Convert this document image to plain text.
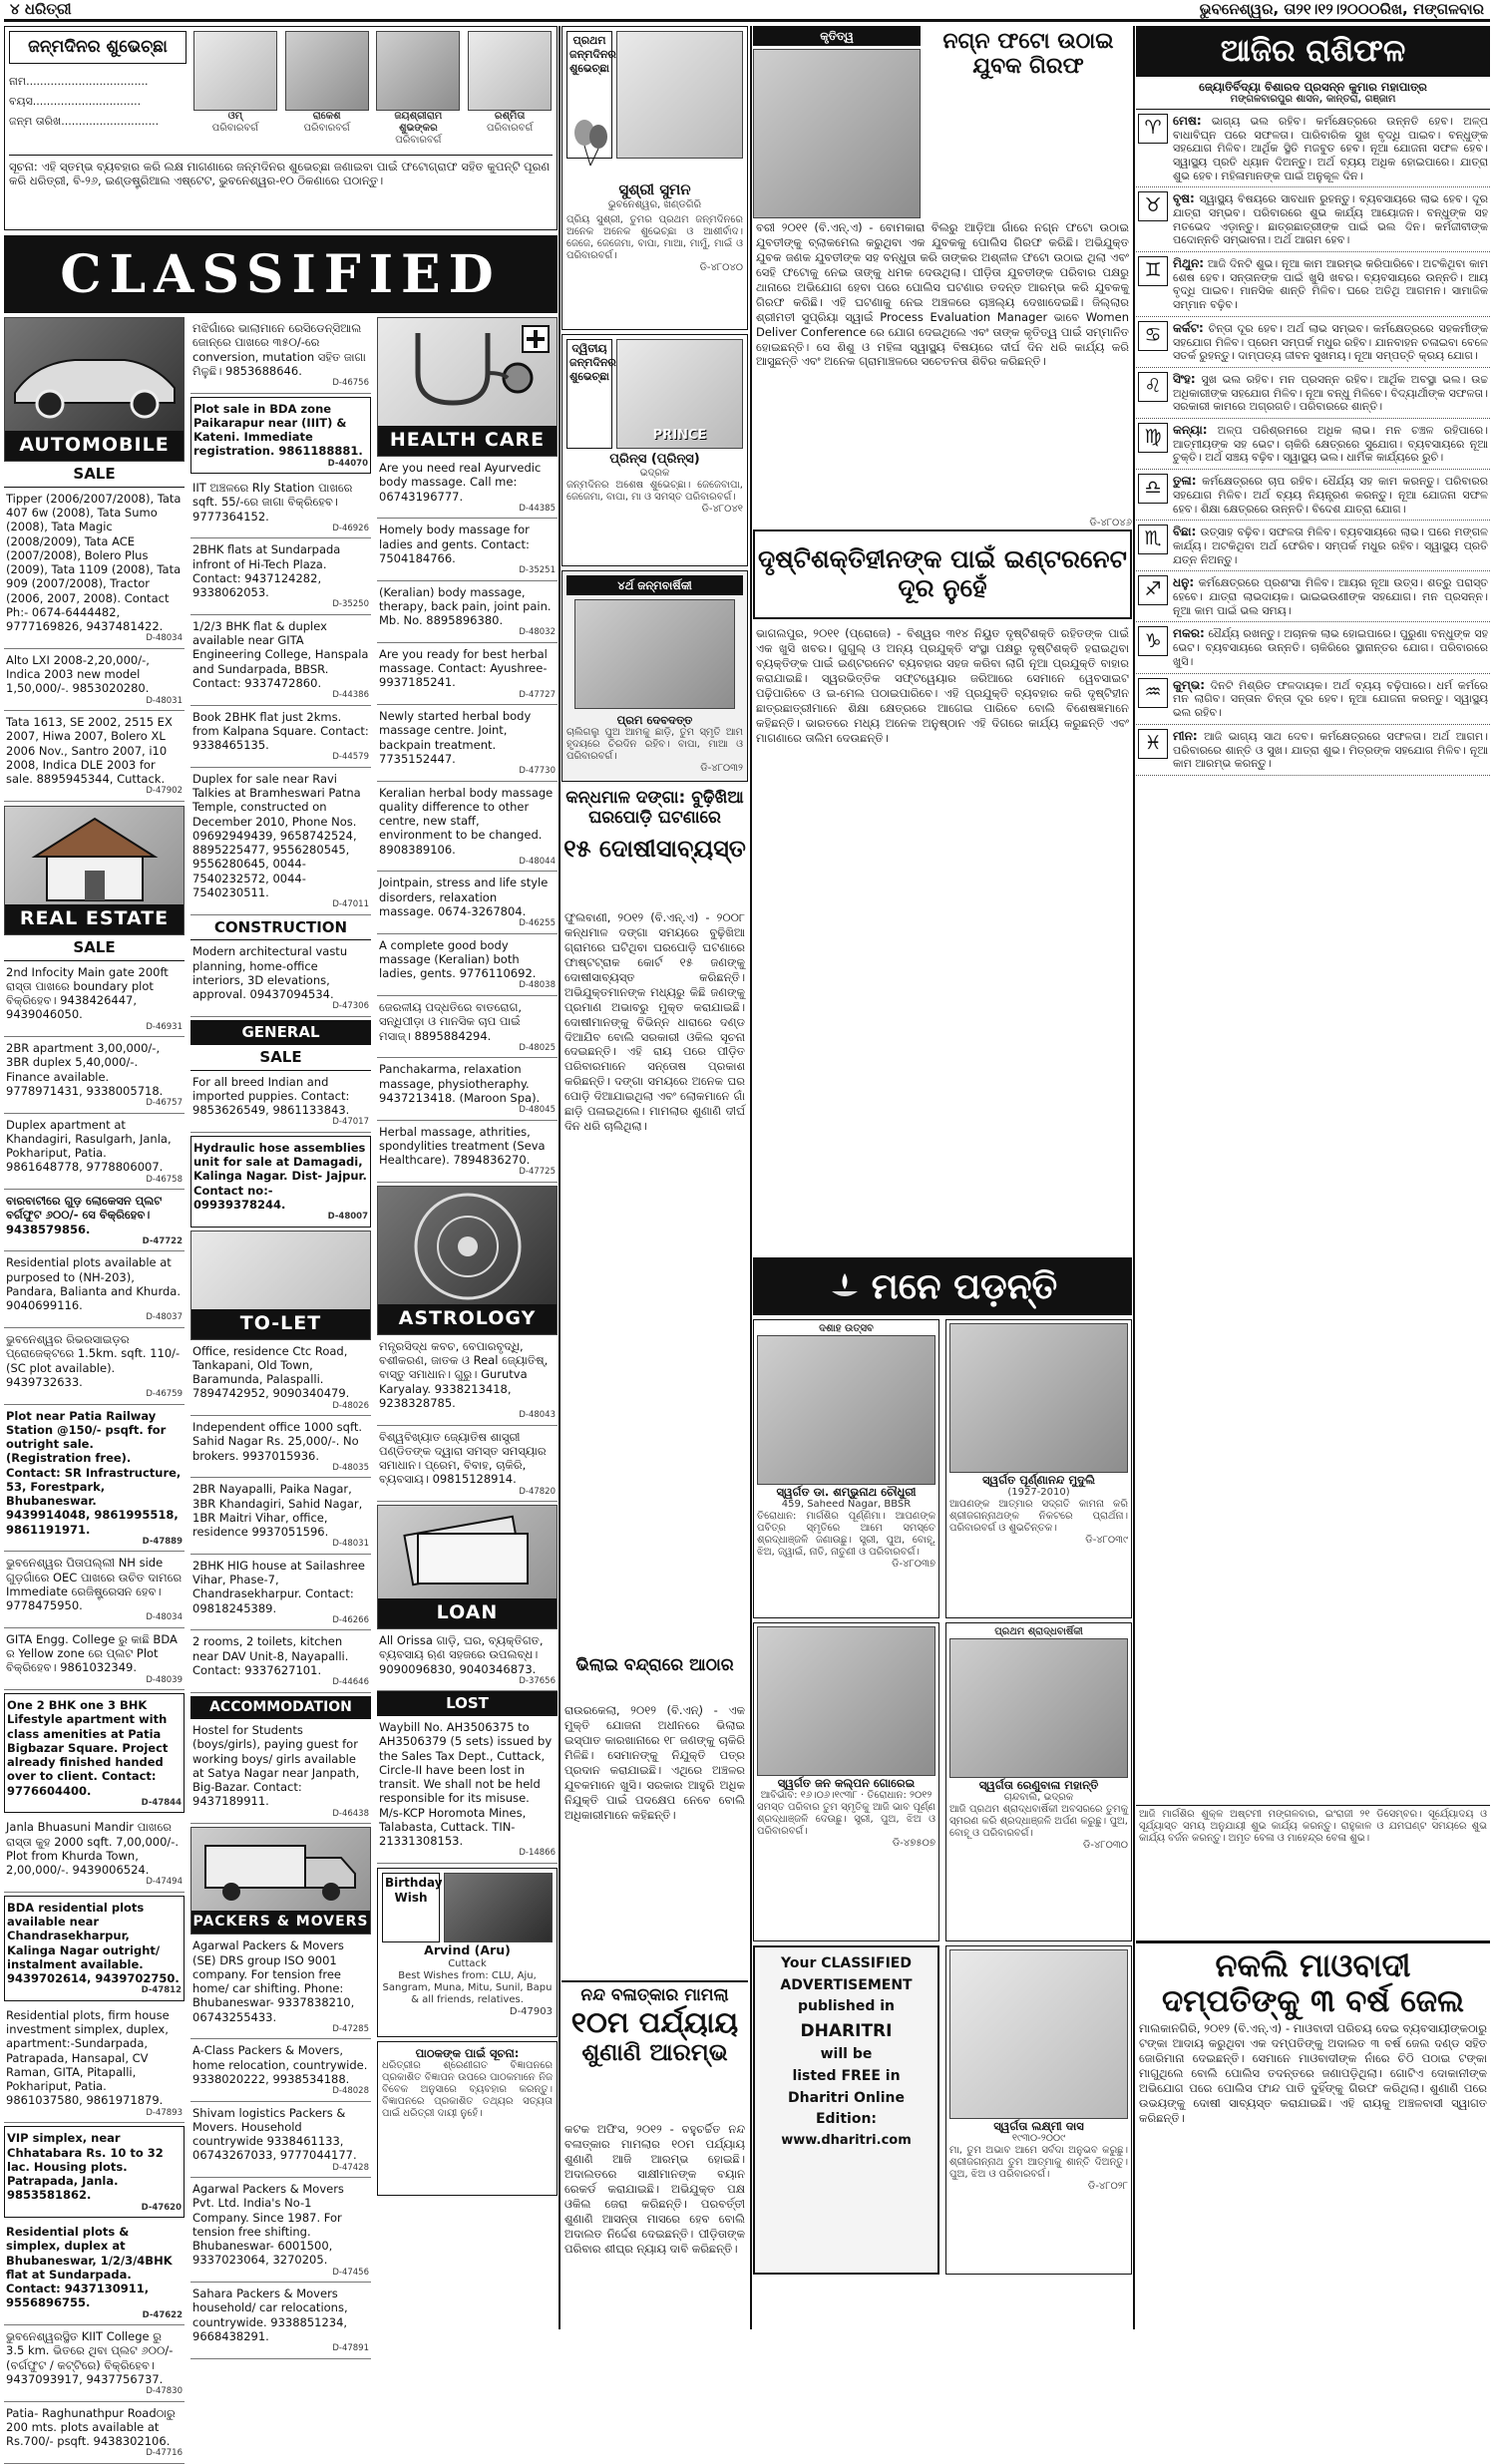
୪ ଧରିତ୍ରୀ	ଭୁବନେଶ୍ୱର, ତା୨୧।୧୨।୨୦୦୦ରିଖ, ମଙ୍ଗଳବାର
ଜନ୍ମଦିନର ଶୁଭେଚ୍ଛା
ନାମ...................................
ବୟସ...............................
ଜନ୍ମ ତାରିଖ............................	ଓମ୍
ପରିବାରବର୍ଗ
ରାକେଶ
ପରିବାରବର୍ଗ
ଜୟଶ୍ରୀରାମ ଶୁଭଙ୍କର
ପରିବାରବର୍ଗ
ରଶ୍ମିତା
ପରିବାରବର୍ଗ
ସୂଚନା: ଏହି ସ୍ତମ୍ଭ ବ୍ୟବହାର କରି ଲକ୍ଷ ମାଗଣାରେ ଜନ୍ମଦିନର ଶୁଭେଚ୍ଛା ଜଣାଇବା ପାଇଁ ଫଟୋଗ୍ରାଫ ସହିତ କୁପନ୍‌ଟି ପୂରଣ କରି ଧରିତ୍ରୀ, ବି-୨୬, ଇଣ୍ଡଷ୍ଟ୍ରିଆଲ ଏଷ୍ଟେଟ, ଭୁବନେଶ୍ୱର-୧୦ ଠିକଣାରେ ପଠାନ୍ତୁ।
CLASSIFIED
AUTOMOBILE
SALE
Tipper (2006/2007/2008), Tata 407 6w (2008), Tata Sumo (2008), Tata Magic (2008/2009), Tata ACE (2007/2008), Bolero Plus (2009), Tata 1109 (2008), Tata 909 (2007/2008), Tractor (2006, 2007, 2008). Contact Ph:- 0674-6444482, 9777169826, 9437481422.
D-48034
Alto LXI 2008-2,20,000/-, Indica 2003 new model 1,50,000/-. 9853020280.
D-48031
Tata 1613, SE 2002, 2515 EX 2007, Hiwa 2007, Bolero XL 2006 Nov., Santro 2007, i10 2008, Indica DLE 2003 for sale. 8895945344, Cuttack.
D-47902
REAL ESTATE
SALE
2nd Infocity Main gate 200ft ରାସ୍ତା ପାଖରେ boundary plot ବିକ୍ରିହେବ। 9438426447, 9439046050.
D-46931
2BR apartment 3,00,000/-, 3BR duplex 5,40,000/-. Finance available. 9778971431, 9338005718.
D-46757
Duplex apartment at Khandagiri, Rasulgarh, Janla, Pokhariput, Patia. 9861648778, 9778806007.
D-46758
ବାରବାଟୀରେ ଗୁଡ଼ ଲୋକେସନ ପ୍ଲଟ ବର୍ଗଫୁଟ ୬୦୦/- ସେ ବିକ୍ରିହେବ। 9438579856.
D-47722
Residential plots available at purposed to (NH-203), Pandara, Balianta and Khurda. 9040699116.
D-48037
ଭୁବନେଶ୍ୱର ରିଭରସାଇଡ଼ର ପ୍ରୋଜେକ୍ଟରେ 1.5km. sqft. 110/- (SC plot available). 9439732633.
D-46759
Plot near Patia Railway Station @150/- psqft. for outright sale. (Registration free). Contact: SR Infrastructure, 53, Forestpark, Bhubaneswar. 9439914048, 9861995518, 9861191971.
D-47889
ଭୁବନେଶ୍ୱର ପିତାପଲ୍ଲୀ NH side ଗୁଡ଼ଗାଁରେ OEC ପାଖରେ ଉଚିତ ଦାମରେ Immediate ରେଜିଷ୍ଟ୍ରେସନ ହେବ। 9778475950.
D-48034
GITA Engg. College ରୁ କାଛି BDA ର Yellow zone ରେ ପ୍ଲଟ Plot ବିକ୍ରିହେବ। 9861032349.
D-48039
One 2 BHK one 3 BHK Lifestyle apartment with class amenities at Patia Bigbazar Square. Project already finished handed over to client. Contact: 9776604400.
D-47844
Janla Bhuasuni Mandir ପାଖରେ ରାସ୍ତା କୁହ 2000 sqft. 7,00,000/-. Plot from Khurda Town, 2,00,000/-. 9439006524.
D-47494
BDA residential plots available near Chandrasekharpur, Kalinga Nagar outright/ instalment available. 9439702614, 9439702750.
D-47812
Residential plots, firm house investment simplex, duplex, apartment:-Sundarpada, Patrapada, Hansapal, CV Raman, GITA, Pitapalli, Pokhariput, Patia. 9861037580, 9861971879.
D-47893
VIP simplex, near Chhatabara Rs. 10 to 32 lac. Housing plots. Patrapada, Janla. 9853581862.
D-47620
Residential plots & simplex, duplex at Bhubaneswar, 1/2/3/4BHK flat at Sundarpada. Contact: 9437130911, 9556896755.
D-47622
ଭୁବନେଶ୍ୱରସ୍ଥିତ KIIT College ରୁ 3.5 km. ଭିତରେ ଥିବା ପ୍ଲଟ ୬୦୦/- (ବର୍ଗଫୁଟ / କଟ୍ଟିରେ) ବିକ୍ରିହେବ। 9437093917, 9437756737.
D-47830
Patia- Raghunathpur Roadଠାରୁ 200 mts. plots available at Rs.700/- psqft. 9438302106.
D-47716
ମଝିଗାଁରେ ଭାଲାମାନେ ରେସିଡେନ୍ସିଆଲ ଜୋନ୍ରେ ପାଖରେ ୩୫୦/-ରେ conversion, mutation ସହିତ ଜାଗା ମିଳୁଛି। 9853688646.
D-46756
Plot sale in BDA zone Paikarapur near (IIIT) & Kateni. Immediate registration. 9861188881.
D-44070
IIT ଅଞ୍ଚଳରେ Rly Station ପାଖରେ sqft. 55/-ରେ ଜାଗା ବିକ୍ରିହେବ। 9777364152.
D-46926
2BHK flats at Sundarpada infront of Hi-Tech Plaza. Contact: 9437124282, 9338062053.
D-35250
1/2/3 BHK flat & duplex available near GITA Engineering College, Hanspala and Sundarpada, BBSR. Contact: 9337472860.
D-44386
Book 2BHK flat just 2kms. from Kalpana Square. Contact: 9338465135.
D-44579
Duplex for sale near Ravi Talkies at Bramheswari Patna Temple, constructed on December 2010, Phone Nos. 09692949439, 9658742524, 8895225477, 9556280545, 9556280645, 0044-7540232572, 0044-7540230511.
D-47011
CONSTRUCTION
Modern architectural vastu planning, home-office interiors, 3D elevations, approval. 09437094534.
D-47306
GENERAL
SALE
For all breed Indian and imported puppies. Contact: 9853626549, 9861133843.
D-47017
Hydraulic hose assemblies unit for sale at Damagadi, Kalinga Nagar. Dist- Jajpur. Contact no:- 09939378244.
D-48007
TO-LET
Office, residence Ctc Road, Tankapani, Old Town, Baramunda, Palaspalli. 7894742952, 9090340479.
D-48026
Independent office 1000 sqft. Sahid Nagar Rs. 25,000/-. No brokers. 9937015936.
D-48035
2BR Nayapalli, Paika Nagar, 3BR Khandagiri, Sahid Nagar, 1BR Maitri Vihar, office, residence 9937051596.
D-48031
2BHK HIG house at Sailashree Vihar, Phase-7, Chandrasekharpur. Contact: 09818245389.
D-46266
2 rooms, 2 toilets, kitchen near DAV Unit-8, Nayapalli. Contact: 9337627101.
D-44646
ACCOMMODATION
Hostel for Students (boys/girls), paying guest for working boys/ girls available at Satya Nagar near Janpath, Big-Bazar. Contact: 9437189911.
D-46438
PACKERS & MOVERS
Agarwal Packers & Movers (SE) DRS group ISO 9001 company. For tension free home/ car shifting. Phone: Bhubaneswar- 9337838210, 06743255433.
D-47285
A-Class Packers & Movers, home relocation, countrywide. 9338020222, 9938534188.
D-48028
Shivam logistics Packers & Movers. Household countrywide 9338461133, 06743267033, 9777044177.
D-47428
Agarwal Packers & Movers Pvt. Ltd. India's No-1 Company. Since 1987. For tension free shifting. Bhubaneswar- 6001500, 9337023064, 3270205.
D-47456
Sahara Packers & Movers household/ car relocations, countrywide. 9338851234, 9668438291.
D-47891
HEALTH CARE
Are you need real Ayurvedic body massage. Call me: 06743196777.
D-44385
Homely body massage for ladies and gents. Contact: 7504184766.
D-35251
(Keralian) body massage, therapy, back pain, joint pain. Mb. No. 8895896380.
D-48032
Are you ready for best herbal massage. Contact: Ayushree-9937185241.
D-47727
Newly started herbal body massage centre. Joint, backpain treatment. 7735152447.
D-47730
Keralian herbal body massage quality difference to other centre, new staff, environment to be changed. 8908389106.
D-48044
Jointpain, stress and life style disorders, relaxation massage. 0674-3267804.
D-46255
A complete good body massage (Keralian) both ladies, gents. 9776110692.
D-48038
ଜେରଳୀୟ ପଦ୍ଧତିରେ ବାତରୋଗ, ସନ୍ଧିପୀଡ଼ା ଓ ମାନସିକ ଚାପ ପାଇଁ ମସାଜ୍। 8895884294.
D-48025
Panchakarma, relaxation massage, physiotheraphy. 9437213418. (Maroon Spa).
D-48045
Herbal massage, athrities, spondylities treatment (Seva Healthcare). 7894836270.
D-47725
ASTROLOGY
ମନ୍ତ୍ରସିଦ୍ଧ କବଚ, ବେପାରବୃଦ୍ଧି, ବଶୀକରଣ, ଜାତକ ଓ Real ଜ୍ୟୋତିଷ୍, ବାସ୍ତୁ ସମାଧାନ। ଗୁରୁ। Gurutva Karyalay. 9338213418, 9238328785.
D-48043
ବିଶ୍ୱବିଖ୍ୟାତ ଜ୍ୟୋତିଷ ଶାସ୍ତ୍ରୀ ପଣ୍ଡିତଙ୍କ ଦ୍ୱାରା ସମସ୍ତ ସମସ୍ୟାର ସମାଧାନ। ପ୍ରେମ, ବିବାହ, ଚାକିରି, ବ୍ୟବସାୟ। 09815128914.
D-47820
LOAN
All Orissa ଗାଡ଼ି, ଘର, ବ୍ୟକ୍ତିଗତ, ବ୍ୟବସାୟ ଋଣ ସହଜରେ ଉପଲବ୍ଧ। 9090096830, 9040346873.
D-37656
LOST
Waybill No. AH3506375 to AH3506379 (5 sets) issued by the Sales Tax Dept., Cuttack, Circle-II have been lost in transit. We shall not be held responsible for its misuse. M/s-KCP Horomota Mines, Talabasta, Cuttack. TIN-21331308153.
D-14866
Birthday Wish
Arvind (Aru)
Cuttack
Best Wishes from: CLU, Aju, Sangram, Muna, Mitu, Sunil, Bapu & all friends, relatives.
D-47903
ପାଠକଙ୍କ ପାଇଁ ସୂଚନା:
ଧରିତ୍ରୀର ଶ୍ରେଣୀଗତ ବିଜ୍ଞାପନରେ ପ୍ରକାଶିତ ବିଜ୍ଞାପନ ଉପରେ ପାଠକମାନେ ନିଜ ବିବେକ ଅନୁସାରେ ବ୍ୟବହାର କରନ୍ତୁ। ବିଜ୍ଞାପନରେ ପ୍ରକାଶିତ ତଥ୍ୟର ସତ୍ୟତା ପାଇଁ ଧରିତ୍ରୀ ଦାୟୀ ନୁହେଁ।
ପ୍ରଥମ ଜନ୍ମଦିନର ଶୁଭେଚ୍ଛା
ସୁଶ୍ରୀ ସୁମନ
ଭୁବନେଶ୍ୱର, ଖଣ୍ଡଗିରି
ପ୍ରିୟ ସୁଶ୍ରୀ, ତୁମର ପ୍ରଥମ ଜନ୍ମଦିନରେ ଅନେକ ଅନେକ ଶୁଭେଚ୍ଛା ଓ ଆଶୀର୍ବାଦ। ଜେଜେ, ଜେଜେମା, ବାପା, ମାଆ, ମାମୁଁ, ମାଇଁ ଓ ପରିବାରବର୍ଗ।
ଡି-୪୮୦୪୦
ଦ୍ୱିତୀୟ ଜନ୍ମଦିନର ଶୁଭେଚ୍ଛା
PRINCE
ପ୍ରିନ୍ସ (ପ୍ରିନ୍ସ)
ଭଦ୍ରକ
ଜନ୍ମଦିନର ଅଶେଷ ଶୁଭେଚ୍ଛା। ଜେଜେବାପା, ଜେଜେମା, ବାପା, ମା ଓ ସମସ୍ତ ପରିବାରବର୍ଗ।
ଡି-୪୮୦୪୧
୪ର୍ଥ ଜନ୍ମବାର୍ଷିକୀ
ପ୍ରମ ଦେବଦତ୍ତ
ଚାଲିଗଲୁ ପୁଅ ଆମକୁ ଛାଡ଼ି, ତୁମ ସ୍ମୃତି ଆମ ହୃଦୟରେ ଚିରଦିନ ରହିବ। ବାପା, ମାଆ ଓ ପରିବାରବର୍ଗ।
ଡି-୪୮୦୩୨
କୃତିତ୍ୱ	ନଗ୍ନ ଫଟୋ ଉଠାଇ ଯୁବକ ଗିରଫ
ବରୀ ୨୦୧୧ (ବି.ଏନ୍.ଏ) - ବୋମକାରା ବିଲରୁ ଆଡ଼ିଆ ଗାଁରେ ନଗ୍ନ ଫଟୋ ଉଠାଇ ଯୁବତୀଙ୍କୁ ବ୍ଲାକମେଲ କରୁଥିବା ଏକ ଯୁବକକୁ ପୋଲିସ ଗିରଫ କରିଛି। ଅଭିଯୁକ୍ତ ଯୁବକ ଜଣକ ଯୁବତୀଙ୍କ ସହ ବନ୍ଧୁତା କରି ତାଙ୍କର ଅଶ୍ଳୀଳ ଫଟୋ ଉଠାଇ ଥିଲା ଏବଂ ସେହି ଫଟୋକୁ ନେଇ ତାଙ୍କୁ ଧମକ ଦେଉଥିଲା। ପୀଡ଼ିତା ଯୁବତୀଙ୍କ ପରିବାର ପକ୍ଷରୁ ଥାନାରେ ଅଭିଯୋଗ ହେବା ପରେ ପୋଲିସ ଘଟଣାର ତଦନ୍ତ ଆରମ୍ଭ କରି ଯୁବକକୁ ଗିରଫ କରିଛି। ଏହି ଘଟଣାକୁ ନେଇ ଅଞ୍ଚଳରେ ଚାଞ୍ଚଲ୍ୟ ଦେଖାଦେଇଛି। ଜିଲ୍ଲାର ଶ୍ରୀମତୀ ସୁପ୍ରିୟା ସ୍ୱାଇଁ Process Evaluation Manager ଭାବେ Women Deliver Conference ରେ ଯୋଗ ଦେଇଥିଲେ ଏବଂ ତାଙ୍କ କୃତିତ୍ୱ ପାଇଁ ସମ୍ମାନିତ ହୋଇଛନ୍ତି। ସେ ଶିଶୁ ଓ ମହିଳା ସ୍ୱାସ୍ଥ୍ୟ ବିଷୟରେ ଦୀର୍ଘ ଦିନ ଧରି କାର୍ଯ୍ୟ କରି ଆସୁଛନ୍ତି ଏବଂ ଅନେକ ଗ୍ରାମାଞ୍ଚଳରେ ସଚେତନତା ଶିବିର କରିଛନ୍ତି।
ଡି-୪୮୦୪୬
ଦୃଷ୍ଟିଶକ୍ତିହୀନଙ୍କ ପାଇଁ ଇଣ୍ଟରନେଟ ଦୂର ନୁହେଁ
କନ୍ଧମାଳ ଦଙ୍ଗା: ବୁଢ଼ିଖିଆ ଘରପୋଡ଼ି ଘଟଣାରେ
୧୫ ଦୋଷୀସାବ୍ୟସ୍ତ
ଭାଗଲପୁର, ୨୦୧୧ (ପ୍ରୋଜେ) - ବିଶ୍ୱର ୩୧୪ ନିୟୁତ ଦୃଷ୍ଟିଶକ୍ତି ରହିତଙ୍କ ପାଇଁ ଏକ ଖୁସି ଖବର। ଗୁଗୁଲ୍ ଓ ଅନ୍ୟ ପ୍ରଯୁକ୍ତି ସଂସ୍ଥା ପକ୍ଷରୁ ଦୃଷ୍ଟିଶକ୍ତି ହରାଇଥିବା ବ୍ୟକ୍ତିଙ୍କ ପାଇଁ ଇଣ୍ଟରନେଟ ବ୍ୟବହାର ସହଜ କରିବା ଲାଗି ନୂଆ ପ୍ରଯୁକ୍ତି ବାହାର କରାଯାଇଛି। ସ୍ୱରଭିତ୍ତିକ ସଫ୍ଟୱେୟାର ଜରିଆରେ ସେମାନେ ୱେବସାଇଟ ପଢ଼ିପାରିବେ ଓ ଇ-ମେଲ ପଠାଇପାରିବେ। ଏହି ପ୍ରଯୁକ୍ତି ବ୍ୟବହାର କରି ଦୃଷ୍ଟିହୀନ ଛାତ୍ରଛାତ୍ରୀମାନେ ଶିକ୍ଷା କ୍ଷେତ୍ରରେ ଆଗେଇ ପାରିବେ ବୋଲି ବିଶେଷଜ୍ଞମାନେ କହିଛନ୍ତି। ଭାରତରେ ମଧ୍ୟ ଅନେକ ଅନୁଷ୍ଠାନ ଏହି ଦିଗରେ କାର୍ଯ୍ୟ କରୁଛନ୍ତି ଏବଂ ମାଗଣାରେ ତାଲିମ ଦେଉଛନ୍ତି।
ଫୁଲବାଣୀ, ୨୦୧୨ (ବି.ଏନ୍.ଏ) - ୨୦୦୮ କନ୍ଧମାଳ ଦଙ୍ଗା ସମୟରେ ବୁଢ଼ିଖିଆ ଗ୍ରାମରେ ଘଟିଥିବା ଘରପୋଡ଼ି ଘଟଣାରେ ଫାଷ୍ଟଟ୍ରାକ କୋର୍ଟ ୧୫ ଜଣଙ୍କୁ ଦୋଷୀସାବ୍ୟସ୍ତ କରିଛନ୍ତି। ଅଭିଯୁକ୍ତମାନଙ୍କ ମଧ୍ୟରୁ କିଛି ଜଣଙ୍କୁ ପ୍ରମାଣ ଅଭାବରୁ ମୁକ୍ତ କରାଯାଇଛି। ଦୋଷୀମାନଙ୍କୁ ବିଭିନ୍ନ ଧାରାରେ ଦଣ୍ଡ ଦିଆଯିବ ବୋଲି ସରକାରୀ ଓକିଲ ସୂଚନା ଦେଇଛନ୍ତି। ଏହି ରାୟ ପରେ ପୀଡ଼ିତ ପରିବାରମାନେ ସନ୍ତୋଷ ପ୍ରକାଶ କରିଛନ୍ତି। ଦଙ୍ଗା ସମୟରେ ଅନେକ ଘର ପୋଡ଼ି ଦିଆଯାଇଥିଲା ଏବଂ ଲୋକମାନେ ଗାଁ ଛାଡ଼ି ପଳାଇଥିଲେ। ମାମଲାର ଶୁଣାଣି ଦୀର୍ଘ ଦିନ ଧରି ଚାଲିଥିଲା।
ଭିଲାଇ ବନ୍ଦ୍ରାରେ ଆଠାର
ରାଉରକେଲା, ୨୦୧୨ (ବି.ଏନ୍) - ଏକ ମୁକ୍ତି ଯୋଜନା ଅଧୀନରେ ଭିଲାଇ ଇସ୍ପାତ କାରଖାନାରେ ୧୮ ଜଣଙ୍କୁ ଚାକିରି ମିଳିଛି। ସେମାନଙ୍କୁ ନିଯୁକ୍ତି ପତ୍ର ପ୍ରଦାନ କରାଯାଇଛି। ଏଥିରେ ଅଞ୍ଚଳର ଯୁବକମାନେ ଖୁସି। ସରକାର ଆହୁରି ଅଧିକ ନିଯୁକ୍ତି ପାଇଁ ପଦକ୍ଷେପ ନେବେ ବୋଲି ଅଧିକାରୀମାନେ କହିଛନ୍ତି।
ନନ୍ଦ ବଳାତ୍କାର ମାମଲା
୧୦ମ ପର୍ଯ୍ୟାୟ
ଶୁଣାଣି ଆରମ୍ଭ
କଟକ ଅଫିସ, ୨୦୧୨ - ବହୁଚର୍ଚ୍ଚିତ ନନ୍ଦ ବଳାତ୍କାର ମାମଲାର ୧୦ମ ପର୍ଯ୍ୟାୟ ଶୁଣାଣି ଆଜି ଆରମ୍ଭ ହୋଇଛି। ଅଦାଲତରେ ସାକ୍ଷୀମାନଙ୍କ ବୟାନ ରେକର୍ଡ କରାଯାଇଛି। ଅଭିଯୁକ୍ତ ପକ୍ଷ ଓକିଲ ଜେରା କରିଛନ୍ତି। ପରବର୍ତ୍ତୀ ଶୁଣାଣି ଆସନ୍ତା ମାସରେ ହେବ ବୋଲି ଅଦାଲତ ନିର୍ଦ୍ଦେଶ ଦେଇଛନ୍ତି। ପୀଡ଼ିତାଙ୍କ ପରିବାର ଶୀଘ୍ର ନ୍ୟାୟ ଦାବି କରିଛନ୍ତି।
ମନେ ପଡ଼ନ୍ତି
ଦଶାହ ଉତ୍ସବ
ସ୍ୱର୍ଗତ ଡା. ଶମ୍ଭୁନାଥ ଚୌଧୁରୀ
459, Saheed Nagar, BBSR
ତିରୋଧାନ: ମାର୍ଗଶିର ପୂର୍ଣ୍ଣିମା। ଆପଣଙ୍କ ପବିତ୍ର ସ୍ମୃତିରେ ଆମେ ସମସ୍ତେ ଶ୍ରଦ୍ଧାଞ୍ଜଳି ଜଣାଉଛୁ। ସ୍ତ୍ରୀ, ପୁଅ, ବୋହୂ, ଝିଅ, ଜ୍ୱାଇଁ, ନାତି, ନାତୁଣୀ ଓ ପରିବାରବର୍ଗ।
ଡି-୪୮୦୩୭
ସ୍ୱର୍ଗତ ଜନ କଲ୍ପନ ଗୋରେଇ
ଆବିର୍ଭାବ: ୧୬।୦୬।୧୯୩୮ · ତିରୋଧାନ: ୨୦୧୨
ସମସ୍ତ ପରିବାର ତୁମ ସ୍ମୃତିକୁ ଆଜି ଭାବ ପୂର୍ଣ୍ଣ ଶ୍ରଦ୍ଧାଞ୍ଜଳି ଦେଉଛୁ। ସ୍ତ୍ରୀ, ପୁଅ, ଝିଅ ଓ ପରିବାରବର୍ଗ।
ଡି-୪୭୫୦୭
Your CLASSIFIED
ADVERTISEMENT
published in
DHARITRI
will be
listed FREE in
Dharitri Online
Edition:
www.dharitri.com
ସ୍ୱର୍ଗତ ପୂର୍ଣ୍ଣାନନ୍ଦ ମୁଦୁଲି
(1927-2010)
ଆପଣଙ୍କ ଆତ୍ମାର ସଦ୍ଗତି କାମନା କରି ଶ୍ରୀଜଗନ୍ନାଥଙ୍କ ନିକଟରେ ପ୍ରାର୍ଥନା। ପରିବାରବର୍ଗ ଓ ଶୁଭଚିନ୍ତକ।
ଡି-୪୮୦୩୯
ପ୍ରଥମ ଶ୍ରାଦ୍ଧବାର୍ଷିକୀ
ସ୍ୱର୍ଗତା ରେଣୁବାଳା ମହାନ୍ତି
ଚାନ୍ଦବାଲି, ଭଦ୍ରକ
ଆଜି ପ୍ରଥମ ଶ୍ରାଦ୍ଧବାର୍ଷିକୀ ଅବସରରେ ତୁମକୁ ସ୍ମରଣ କରି ଶ୍ରଦ୍ଧାଞ୍ଜଳି ଅର୍ପଣ କରୁଛୁ। ପୁଅ, ବୋହୂ ଓ ପରିବାରବର୍ଗ।
ଡି-୪୮୦୩୦
ସ୍ୱର୍ଗତା ଲକ୍ଷ୍ମୀ ଦାସ
୧୯୩୦-୨୦୦୯
ମା, ତୁମ ଅଭାବ ଆମେ ସର୍ବଦା ଅନୁଭବ କରୁଛୁ। ଶ୍ରୀଜଗନ୍ନାଥ ତୁମ ଆତ୍ମାକୁ ଶାନ୍ତି ଦିଅନ୍ତୁ। ପୁଅ, ଝିଅ ଓ ପରିବାରବର୍ଗ।
ଡି-୪୮୦୨୮
ଆଜିର ରାଶିଫଳ
ଜ୍ୟୋତିର୍ବିଦ୍ୟା ବିଶାରଦ ପ୍ରସନ୍ନ କୁମାର ମହାପାତ୍ର
ମଙ୍ଗଳବାରପୁର ଶାସନ, କାନ୍ତରା, ଗଞ୍ଜାମ
♈ ମେଷ: ଭାଗ୍ୟ ଭଲ ରହିବ। କର୍ମକ୍ଷେତ୍ରରେ ଉନ୍ନତି ହେବ। ଅଳ୍ପ ବାଧାବିଘ୍ନ ପରେ ସଫଳତା। ପାରିବାରିକ ସୁଖ ବୃଦ୍ଧି ପାଇବ। ବନ୍ଧୁଙ୍କ ସହଯୋଗ ମିଳିବ। ଆର୍ଥିକ ସ୍ଥିତି ମଜବୁତ ହେବ। ନୂଆ ଯୋଜନା ସଫଳ ହେବ। ସ୍ୱାସ୍ଥ୍ୟ ପ୍ରତି ଧ୍ୟାନ ଦିଅନ୍ତୁ। ଅର୍ଥ ବ୍ୟୟ ଅଧିକ ହୋଇପାରେ। ଯାତ୍ରା ଶୁଭ ହେବ। ମହିଳାମାନଙ୍କ ପାଇଁ ଅନୁକୂଳ ଦିନ।
♉ ବୃଷ: ସ୍ୱାସ୍ଥ୍ୟ ବିଷୟରେ ସାବଧାନ ରୁହନ୍ତୁ। ବ୍ୟବସାୟରେ ଲାଭ ହେବ। ଦୂର ଯାତ୍ରା ସମ୍ଭବ। ପରିବାରରେ ଶୁଭ କାର୍ଯ୍ୟ ଆୟୋଜନ। ବନ୍ଧୁଙ୍କ ସହ ମତଭେଦ ଏଡ଼ାନ୍ତୁ। ଛାତ୍ରଛାତ୍ରୀଙ୍କ ପାଇଁ ଭଲ ଦିନ। କର୍ମଜୀବୀଙ୍କ ପଦୋନ୍ନତି ସମ୍ଭାବନା। ଅର୍ଥ ଆଗମ ହେବ।
♊ ମିଥୁନ: ଆଜି ଦିନଟି ଶୁଭ। ନୂଆ କାମ ଆରମ୍ଭ କରିପାରିବେ। ଅଟକିଥିବା କାମ ଶେଷ ହେବ। ସନ୍ତାନଙ୍କ ପାଇଁ ଖୁସି ଖବର। ବ୍ୟବସାୟରେ ଉନ୍ନତି। ଆୟ ବୃଦ୍ଧି ପାଇବ। ମାନସିକ ଶାନ୍ତି ମିଳିବ। ଘରେ ଅତିଥି ଆଗମନ। ସାମାଜିକ ସମ୍ମାନ ବଢ଼ିବ।
♋ କର୍କଟ: ଚିନ୍ତା ଦୂର ହେବ। ଅର୍ଥ ଲାଭ ସମ୍ଭବ। କର୍ମକ୍ଷେତ୍ରରେ ସହକର୍ମୀଙ୍କ ସହଯୋଗ ମିଳିବ। ପ୍ରେମ ସମ୍ପର୍କ ମଧୁର ରହିବ। ଯାନବାହନ ଚଳାଇବା ବେଳେ ସତର୍କ ରୁହନ୍ତୁ। ଦାମ୍ପତ୍ୟ ଜୀବନ ସୁଖମୟ। ନୂଆ ସମ୍ପତ୍ତି କ୍ରୟ ଯୋଗ।
♌ ସିଂହ: ସୁଖ ଭଲ ରହିବ। ମନ ପ୍ରସନ୍ନ ରହିବ। ଆର୍ଥିକ ଅବସ୍ଥା ଭଲ। ଉଚ୍ଚ ଅଧିକାରୀଙ୍କ ସହଯୋଗ ମିଳିବ। ନୂଆ ବନ୍ଧୁ ମିଳିବେ। ବିଦ୍ୟାର୍ଥୀଙ୍କ ସଫଳତା। ସରକାରୀ କାମରେ ଅଗ୍ରଗତି। ପରିବାରରେ ଶାନ୍ତି।
♍ କନ୍ୟା: ଅଳ୍ପ ପରିଶ୍ରମରେ ଅଧିକ ଲାଭ। ମନ ଚଞ୍ଚଳ ରହିପାରେ। ଆତ୍ମୀୟଙ୍କ ସହ ଭେଟ। ଚାକିରି କ୍ଷେତ୍ରରେ ସୁଯୋଗ। ବ୍ୟବସାୟରେ ନୂଆ ଚୁକ୍ତି। ଅର୍ଥ ସଞ୍ଚୟ ବଢ଼ିବ। ସ୍ୱାସ୍ଥ୍ୟ ଭଲ। ଧାର୍ମିକ କାର୍ଯ୍ୟରେ ରୁଚି।
♎ ତୁଳା: କର୍ମକ୍ଷେତ୍ରରେ ଚାପ ରହିବ। ଧୈର୍ଯ୍ୟ ସହ କାମ କରନ୍ତୁ। ପରିବାରର ସହଯୋଗ ମିଳିବ। ଅର୍ଥ ବ୍ୟୟ ନିୟନ୍ତ୍ରଣ କରନ୍ତୁ। ନୂଆ ଯୋଜନା ସଫଳ ହେବ। ଶିକ୍ଷା କ୍ଷେତ୍ରରେ ଉନ୍ନତି। ବିଦେଶ ଯାତ୍ରା ଯୋଗ।
♏ ବିଛା: ଉତ୍ସାହ ବଢ଼ିବ। ସଫଳତା ମିଳିବ। ବ୍ୟବସାୟରେ ଲାଭ। ଘରେ ମଙ୍ଗଳ କାର୍ଯ୍ୟ। ଅଟକିଥିବା ଅର୍ଥ ଫେରିବ। ସମ୍ପର୍କ ମଧୁର ରହିବ। ସ୍ୱାସ୍ଥ୍ୟ ପ୍ରତି ଯତ୍ନ ନିଅନ୍ତୁ।
♐ ଧନୁ: କର୍ମକ୍ଷେତ୍ରରେ ପ୍ରଶଂସା ମିଳିବ। ଆୟର ନୂଆ ଉତ୍ସ। ଶତ୍ରୁ ପରାସ୍ତ ହେବେ। ଯାତ୍ରା ଲାଭଦାୟକ। ଭାଇଭଉଣୀଙ୍କ ସହଯୋଗ। ମନ ପ୍ରସନ୍ନ। ନୂଆ କାମ ପାଇଁ ଭଲ ସମୟ।
♑ ମକର: ଧୈର୍ଯ୍ୟ ରଖନ୍ତୁ। ଅଚାନକ ଲାଭ ହୋଇପାରେ। ପୁରୁଣା ବନ୍ଧୁଙ୍କ ସହ ଭେଟ। ବ୍ୟବସାୟରେ ଉନ୍ନତି। ଚାକିରିରେ ସ୍ଥାନାନ୍ତର ଯୋଗ। ପରିବାରରେ ଖୁସି।
♒ କୁମ୍ଭ: ଦିନଟି ମିଶ୍ରିତ ଫଳଦାୟକ। ଅର୍ଥ ବ୍ୟୟ ବଢ଼ିପାରେ। ଧର୍ମ କର୍ମରେ ମନ ଲାଗିବ। ସନ୍ତାନ ଚିନ୍ତା ଦୂର ହେବ। ନୂଆ ଯୋଜନା କରନ୍ତୁ। ସ୍ୱାସ୍ଥ୍ୟ ଭଲ ରହିବ।
♓ ମୀନ: ଆଜି ଭାଗ୍ୟ ସାଥ ଦେବ। କର୍ମକ୍ଷେତ୍ରରେ ସଫଳତା। ଅର୍ଥ ଆଗମ। ପରିବାରରେ ଶାନ୍ତି ଓ ସୁଖ। ଯାତ୍ରା ଶୁଭ। ମିତ୍ରଙ୍କ ସହଯୋଗ ମିଳିବ। ନୂଆ କାମ ଆରମ୍ଭ କରନ୍ତୁ।
ଆଜି ମାର୍ଗଶିର ଶୁକ୍ଳ ଅଷ୍ଟମୀ ମଙ୍ଗଳବାର, ଇଂରାଜୀ ୨୧ ଡିସେମ୍ବର। ସୂର୍ଯ୍ୟୋଦୟ ଓ ସୂର୍ଯ୍ୟାସ୍ତ ସମୟ ଅନୁଯାୟୀ ଶୁଭ କାର୍ଯ୍ୟ କରନ୍ତୁ। ରାହୁକାଳ ଓ ଯମଘଣ୍ଟ ସମୟରେ ଶୁଭ କାର୍ଯ୍ୟ ବର୍ଜନ କରନ୍ତୁ। ଅମୃତ ବେଳା ଓ ମାହେନ୍ଦ୍ର ବେଳା ଶୁଭ।
ନକଲି ମାଓବାଦୀ
ଦମ୍ପତିଙ୍କୁ ୩ ବର୍ଷ ଜେଲ
ମାଲକାନଗିରି, ୨୦୧୨ (ବି.ଏନ୍.ଏ) - ମାଓବାଦୀ ପରିଚୟ ଦେଇ ବ୍ୟବସାୟୀଙ୍କଠାରୁ ଟଙ୍କା ଆଦାୟ କରୁଥିବା ଏକ ଦମ୍ପତିଙ୍କୁ ଅଦାଲତ ୩ ବର୍ଷ ଜେଲ ଦଣ୍ଡ ସହିତ ଜୋରିମାନା ଦେଇଛନ୍ତି। ସେମାନେ ମାଓବାଦୀଙ୍କ ନାଁରେ ଚିଠି ପଠାଇ ଟଙ୍କା ମାଗୁଥିଲେ ବୋଲି ପୋଲିସ ତଦନ୍ତରେ ଜଣାପଡ଼ିଥିଲା। ଗୋଟିଏ ଦୋକାନୀଙ୍କ ଅଭିଯୋଗ ପରେ ପୋଲିସ ଫାନ୍ଦ ପାତି ଦୁହିଁଙ୍କୁ ଗିରଫ କରିଥିଲା। ଶୁଣାଣି ପରେ ଉଭୟଙ୍କୁ ଦୋଷୀ ସାବ୍ୟସ୍ତ କରାଯାଇଛି। ଏହି ରାୟକୁ ଅଞ୍ଚଳବାସୀ ସ୍ୱାଗତ କରିଛନ୍ତି।
